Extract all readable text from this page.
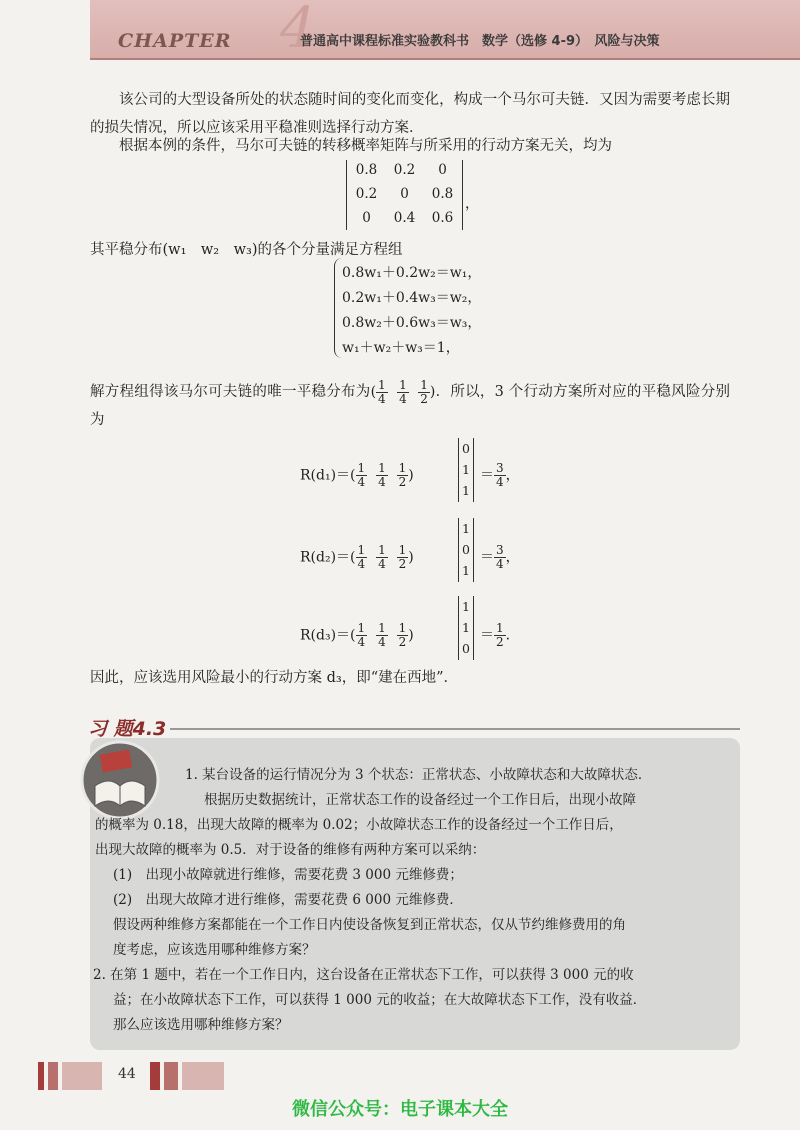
4
CHAPTER	普通高中课程标准实验教科书　数学（选修 4-9）　风险与决策
该公司的大型设备所处的状态随时间的变化而变化，构成一个马尔可夫链．又因为需要考虑长期的损失情况，所以应该采用平稳准则选择行动方案．
根据本例的条件，马尔可夫链的转移概率矩阵与所采用的行动方案无关，均为
0.8	0.2	0
0.2	0	0.8
0	0.4	0.6
，
其平稳分布(w₁　w₂　w₃)的各个分量满足方程组
0.8w₁＋0.2w₂＝w₁，
0.2w₁＋0.4w₃＝w₂，
0.8w₂＋0.6w₃＝w₃，
w₁＋w₂＋w₃＝1，
解方程组得该马尔可夫链的唯一平稳分布为( $\frac{1}{4}$
$\frac{1}{4}$
$\frac{1}{2}$ )．所以，3 个行动方案所对应的平稳风险分别为
$R(d_1)=( \frac{1}{4}$
$\frac{1}{4}$
$\frac{1}{2}$ )
0
1
1
＝ $\frac{3}{4}$ ，
$R(d_2)=( \frac{1}{4}$
$\frac{1}{4}$
$\frac{1}{2}$ )
1
0
1
＝ $\frac{3}{4}$ ，
$R(d_3)=( \frac{1}{4}$
$\frac{1}{4}$
$\frac{1}{2}$ )
1
1
0
＝ $\frac{1}{2}$ ．
因此，应该选用风险最小的行动方案 d₃，即“建在西地”．
习 题4.3
1. 某台设备的运行情况分为 3 个状态：正常状态、小故障状态和大故障状态．
根据历史数据统计，正常状态工作的设备经过一个工作日后，出现小故障
的概率为 0.18，出现大故障的概率为 0.02；小故障状态工作的设备经过一个工作日后，
出现大故障的概率为 0.5．对于设备的维修有两种方案可以采纳：
(1)　出现小故障就进行维修，需要花费 3 000 元维修费；
(2)　出现大故障才进行维修，需要花费 6 000 元维修费．
假设两种维修方案都能在一个工作日内使设备恢复到正常状态，仅从节约维修费用的角
度考虑，应该选用哪种维修方案？
2. 在第 1 题中，若在一个工作日内，这台设备在正常状态下工作，可以获得 3 000 元的收
益；在小故障状态下工作，可以获得 1 000 元的收益；在大故障状态下工作，没有收益．
那么应该选用哪种维修方案？
44
微信公众号：电子课本大全
